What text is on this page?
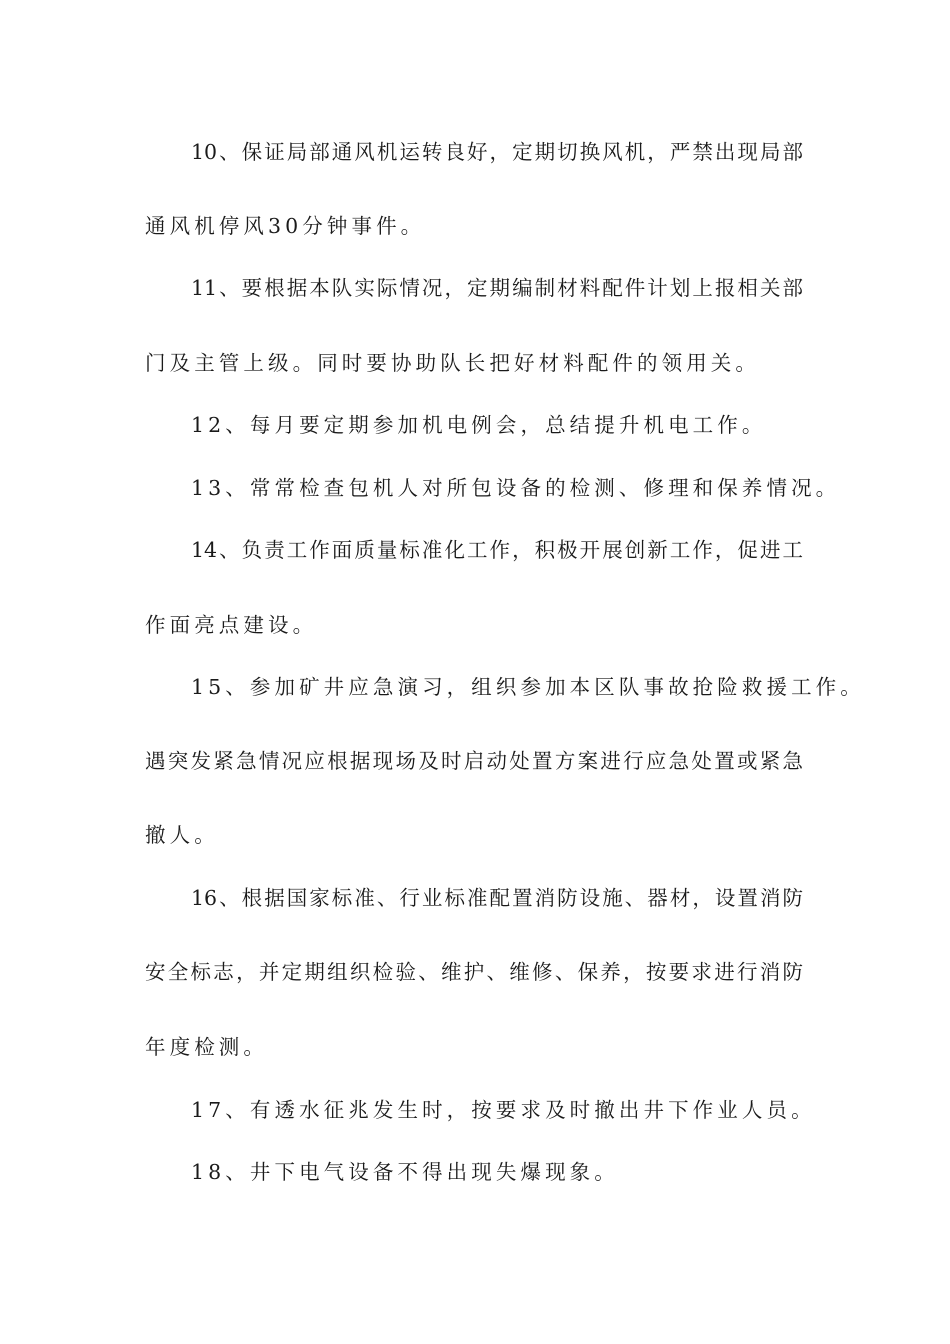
10、保证局部通风机运转良好，定期切换风机，严禁出现局部
通风机停风30分钟事件。
11、要根据本队实际情况，定期编制材料配件计划上报相关部
门及主管上级。同时要协助队长把好材料配件的领用关。
12、每月要定期参加机电例会，总结提升机电工作。
13、常常检查包机人对所包设备的检测、修理和保养情况。
14、负责工作面质量标准化工作，积极开展创新工作，促进工
作面亮点建设。
15、参加矿井应急演习，组织参加本区队事故抢险救援工作。
遇突发紧急情况应根据现场及时启动处置方案进行应急处置或紧急
撤人。
16、根据国家标准、行业标准配置消防设施、器材，设置消防
安全标志，并定期组织检验、维护、维修、保养，按要求进行消防
年度检测。
17、有透水征兆发生时，按要求及时撤出井下作业人员。
18、井下电气设备不得出现失爆现象。
